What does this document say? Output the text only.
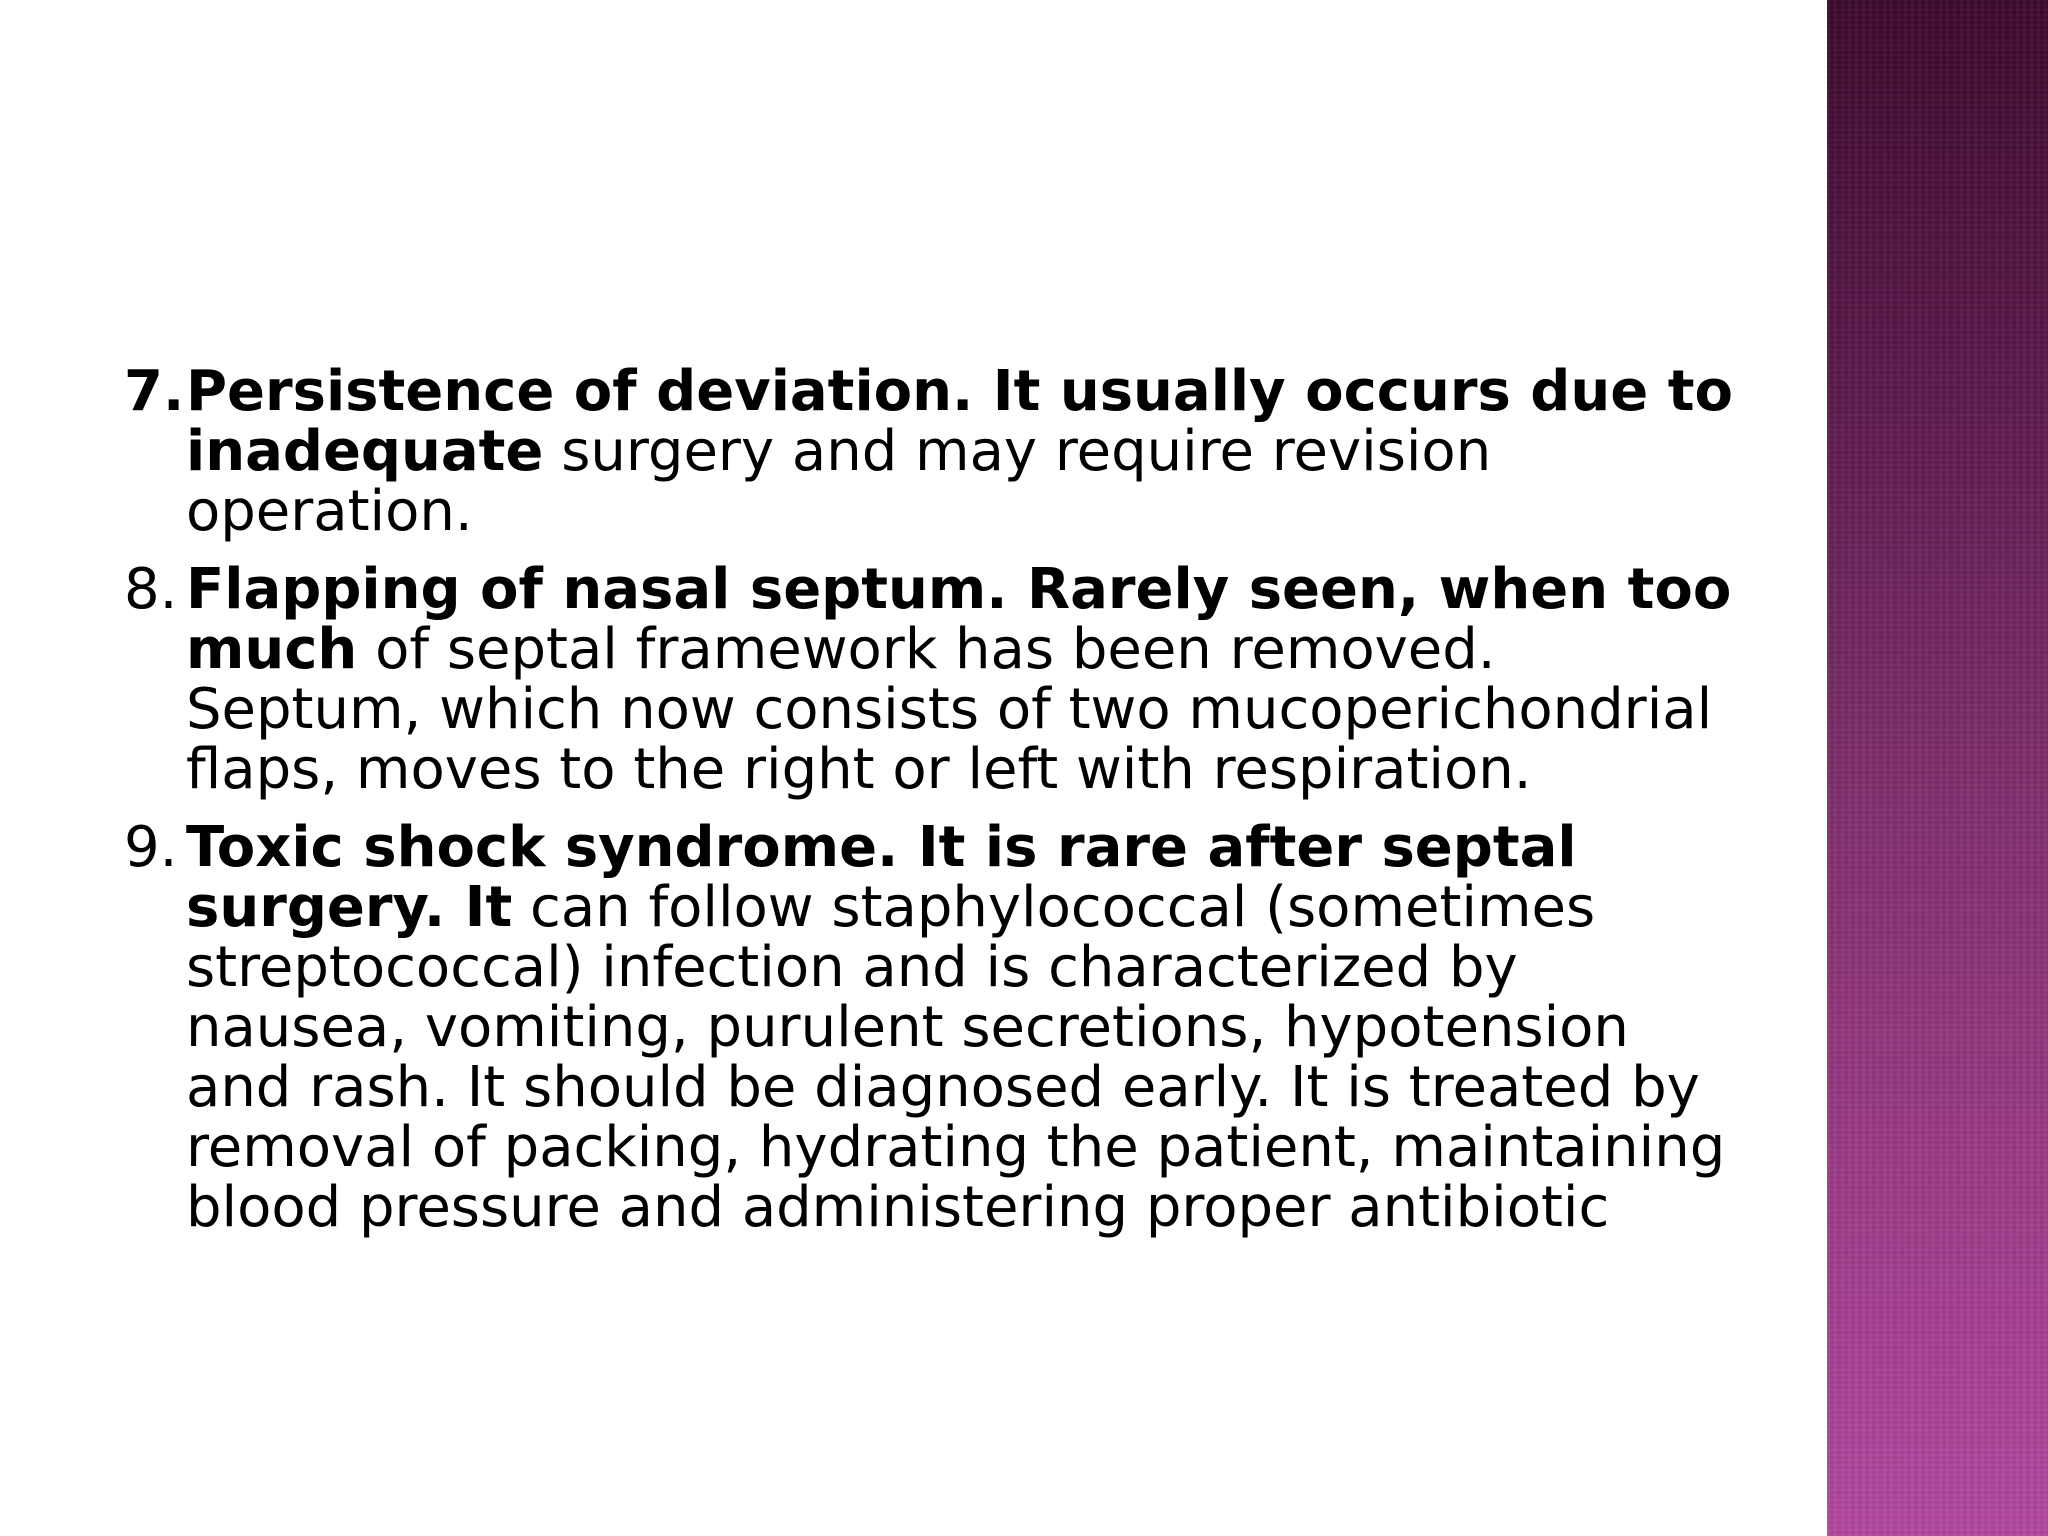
7. Persistence of deviation. It usually occurs due to inadequate surgery and may require revision operation.
8. Flapping of nasal septum. Rarely seen, when too much of septal framework has been removed. Septum, which now consists of two mucoperichondrial flaps, moves to the right or left with respiration.
9. Toxic shock syndrome. It is rare after septal surgery. It can follow staphylococcal (sometimes streptococcal) infection and is characterized by nausea, vomiting, purulent secretions, hypotension and rash. It should be diagnosed early. It is treated by removal of packing, hydrating the patient, maintaining blood pressure and administering proper antibiotic
